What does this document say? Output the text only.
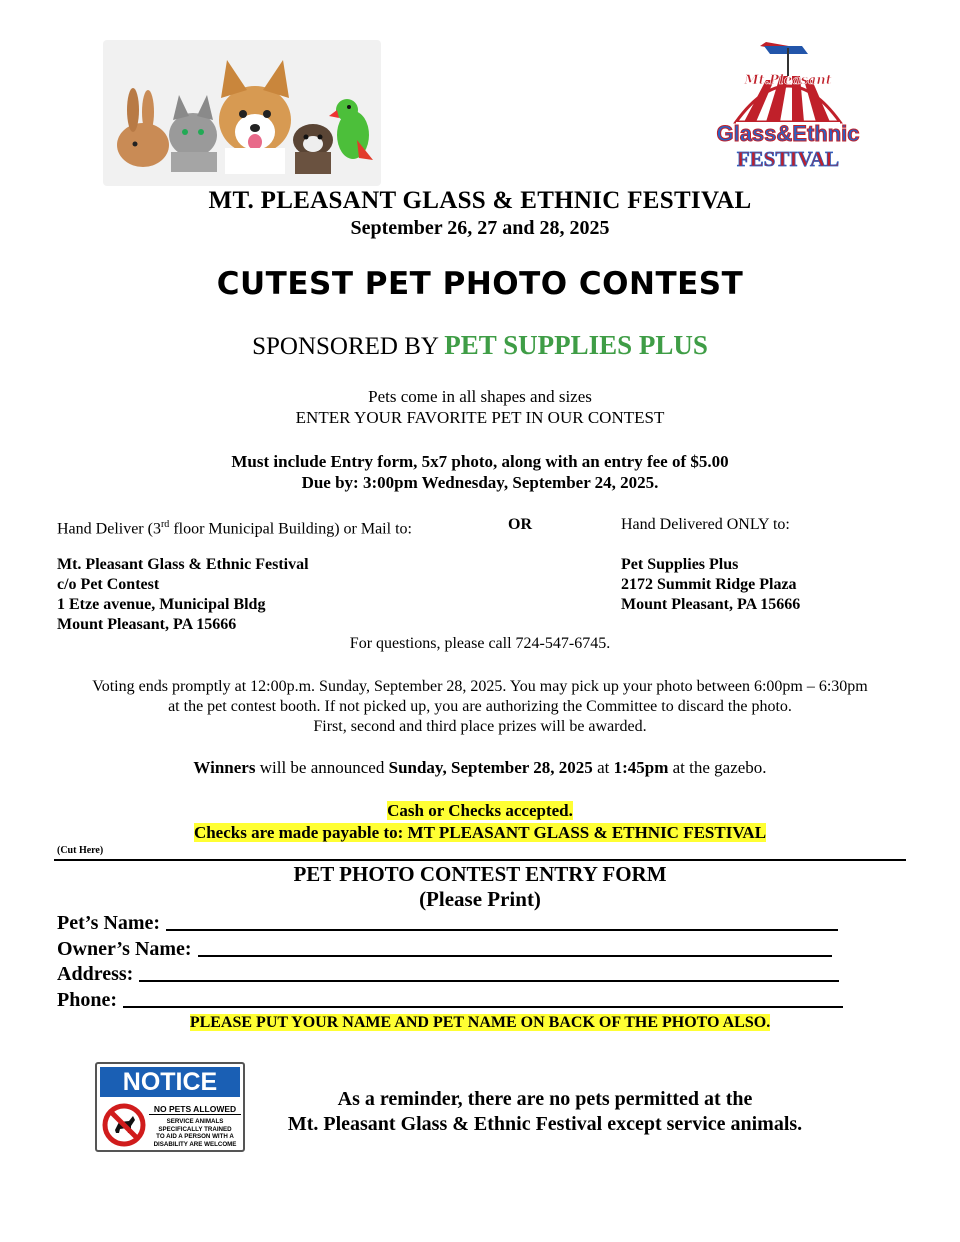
Mt.Pleasant
Glass&Ethnic
FESTIVAL
MT. PLEASANT GLASS & ETHNIC FESTIVAL
September 26, 27 and 28, 2025
CUTEST PET PHOTO CONTEST
SPONSORED BY PET SUPPLIES PLUS
Pets come in all shapes and sizes
ENTER YOUR FAVORITE PET IN OUR CONTEST
Must include Entry form, 5x7 photo, along with an entry fee of $5.00
Due by: 3:00pm Wednesday, September 24, 2025.
Hand Deliver (3rd floor Municipal Building) or Mail to:	OR	Hand Delivered ONLY to:
Mt. Pleasant Glass & Ethnic Festival
c/o Pet Contest
1 Etze avenue, Municipal Bldg
Mount Pleasant, PA 15666
Pet Supplies Plus
2172 Summit Ridge Plaza
Mount Pleasant, PA 15666
For questions, please call 724-547-6745.
Voting ends promptly at 12:00p.m. Sunday, September 28, 2025. You may pick up your photo between 6:00pm – 6:30pm
at the pet contest booth. If not picked up, you are authorizing the Committee to discard the photo.
First, second and third place prizes will be awarded.
Winners will be announced Sunday, September 28, 2025 at 1:45pm at the gazebo.
Cash or Checks accepted.
Checks are made payable to: MT PLEASANT GLASS & ETHNIC FESTIVAL
(Cut Here)
PET PHOTO CONTEST ENTRY FORM
(Please Print)
Pet’s Name:
Owner’s Name:
Address:
Phone:
PLEASE PUT YOUR NAME AND PET NAME ON BACK OF THE PHOTO ALSO.
NOTICE
NO PETS ALLOWED
SERVICE ANIMALS
SPECIFICALLY TRAINED
TO AID A PERSON WITH A
DISABILITY ARE WELCOME
As a reminder, there are no pets permitted at the
Mt. Pleasant Glass & Ethnic Festival except service animals.
